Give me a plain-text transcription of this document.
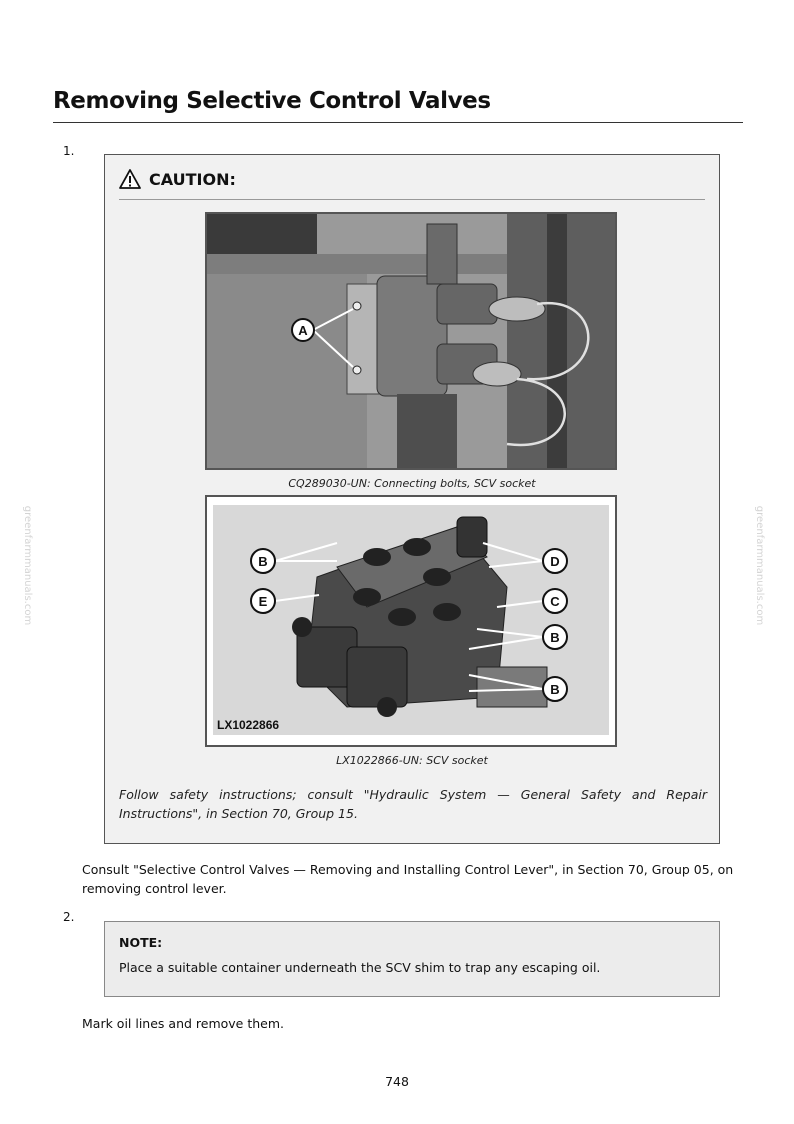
Removing Selective Control Valves
greenfarmmanuals.com	greenfarmmanuals.com
1.
CAUTION:
A
CQ289030-UN: Connecting bolts, SCV socket
B
E
D
C
B
B
LX1022866
LX1022866-UN: SCV socket
Follow safety instructions; consult "Hydraulic System — General Safety and Repair Instructions", in Section 70, Group 15.
Consult "Selective Control Valves — Removing and Installing Control Lever", in Section 70, Group 05, on removing control lever.
2.
NOTE:
Place a suitable container underneath the SCV shim to trap any escaping oil.
Mark oil lines and remove them.
748
